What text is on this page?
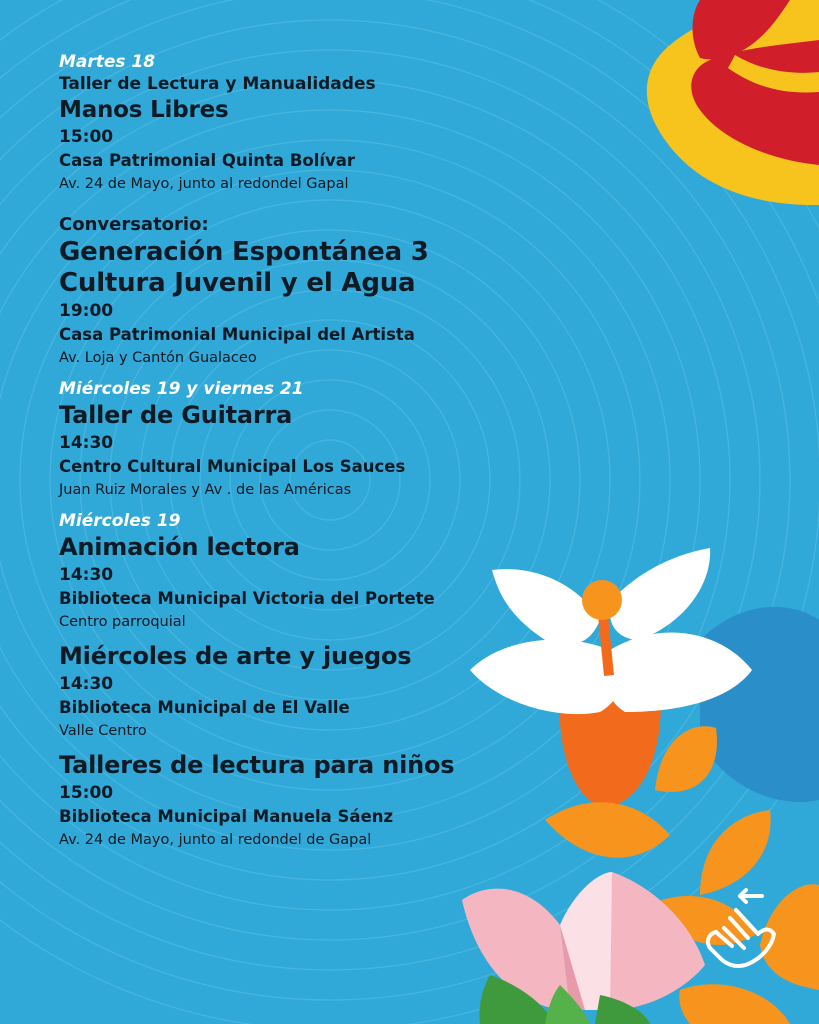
Martes 18
Taller de Lectura y Manualidades
Manos Libres
15:00
Casa Patrimonial Quinta Bolívar
Av. 24 de Mayo, junto al redondel Gapal
Conversatorio:
Generación Espontánea 3
Cultura Juvenil y el Agua
19:00
Casa Patrimonial Municipal del Artista
Av. Loja y Cantón Gualaceo
Miércoles 19 y viernes 21
Taller de Guitarra
14:30
Centro Cultural Municipal Los Sauces
Juan Ruiz Morales y Av . de las Américas
Miércoles 19
Animación lectora
14:30
Biblioteca Municipal Victoria del Portete
Centro parroquial
Miércoles de arte y juegos
14:30
Biblioteca Municipal de El Valle
Valle Centro
Talleres de lectura para niños
15:00
Biblioteca Municipal Manuela Sáenz
Av. 24 de Mayo, junto al redondel de Gapal
